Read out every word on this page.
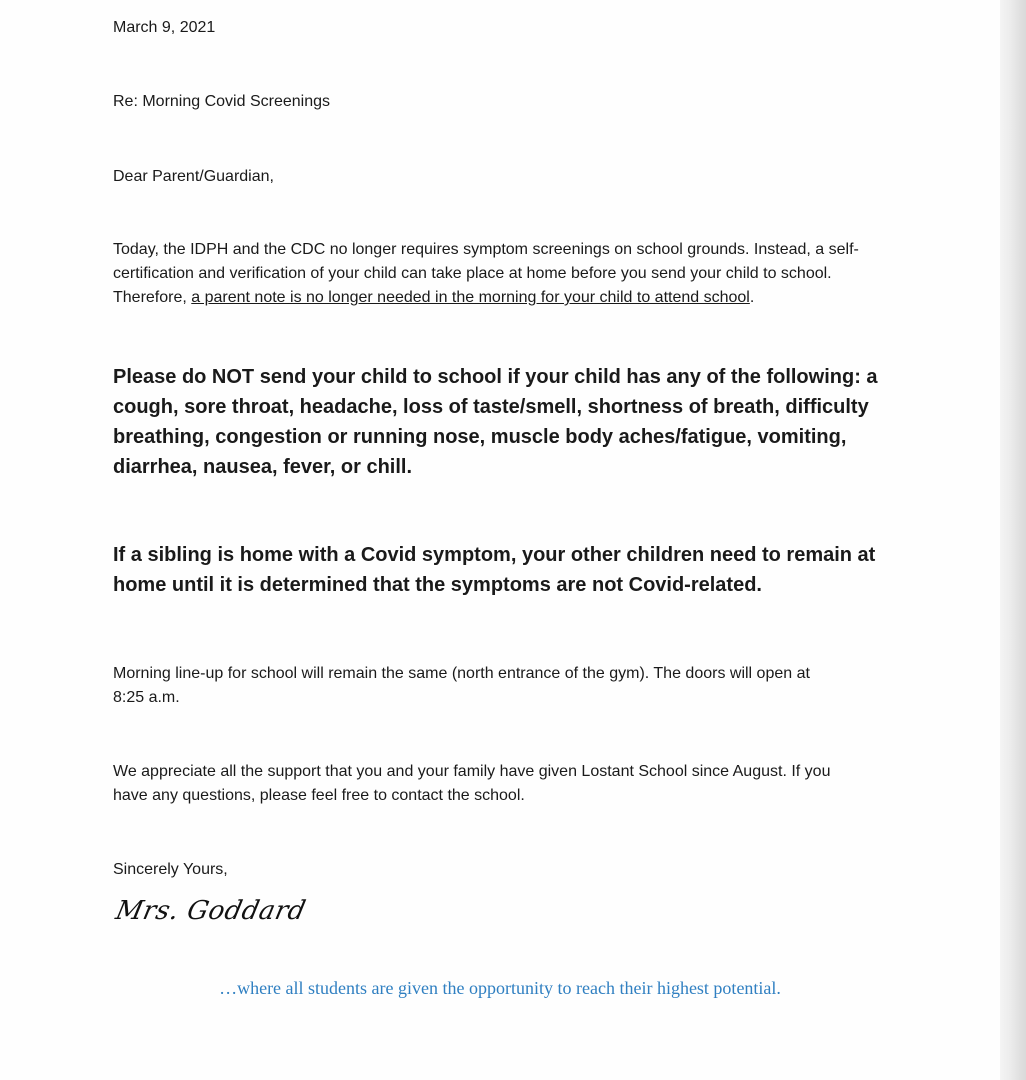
March 9, 2021
Re: Morning Covid Screenings
Dear Parent/Guardian,
Today, the IDPH and the CDC no longer requires symptom screenings on school grounds. Instead, a self-
certification and verification of your child can take place at home before you send your child to school.
Therefore, a parent note is no longer needed in the morning for your child to attend school.
Please do NOT send your child to school if your child has any of the following: a cough, sore throat, headache, loss of taste/smell, shortness of breath, difficulty breathing, congestion or running nose, muscle body aches/fatigue, vomiting, diarrhea, nausea, fever, or chill.
If a sibling is home with a Covid symptom, your other children need to remain at home until it is determined that the symptoms are not Covid-related.
Morning line-up for school will remain the same (north entrance of the gym). The doors will open at
8:25 a.m.
We appreciate all the support that you and your family have given Lostant School since August. If you
have any questions, please feel free to contact the school.
Sincerely Yours,
Mrs. Goddard
…where all students are given the opportunity to reach their highest potential.
